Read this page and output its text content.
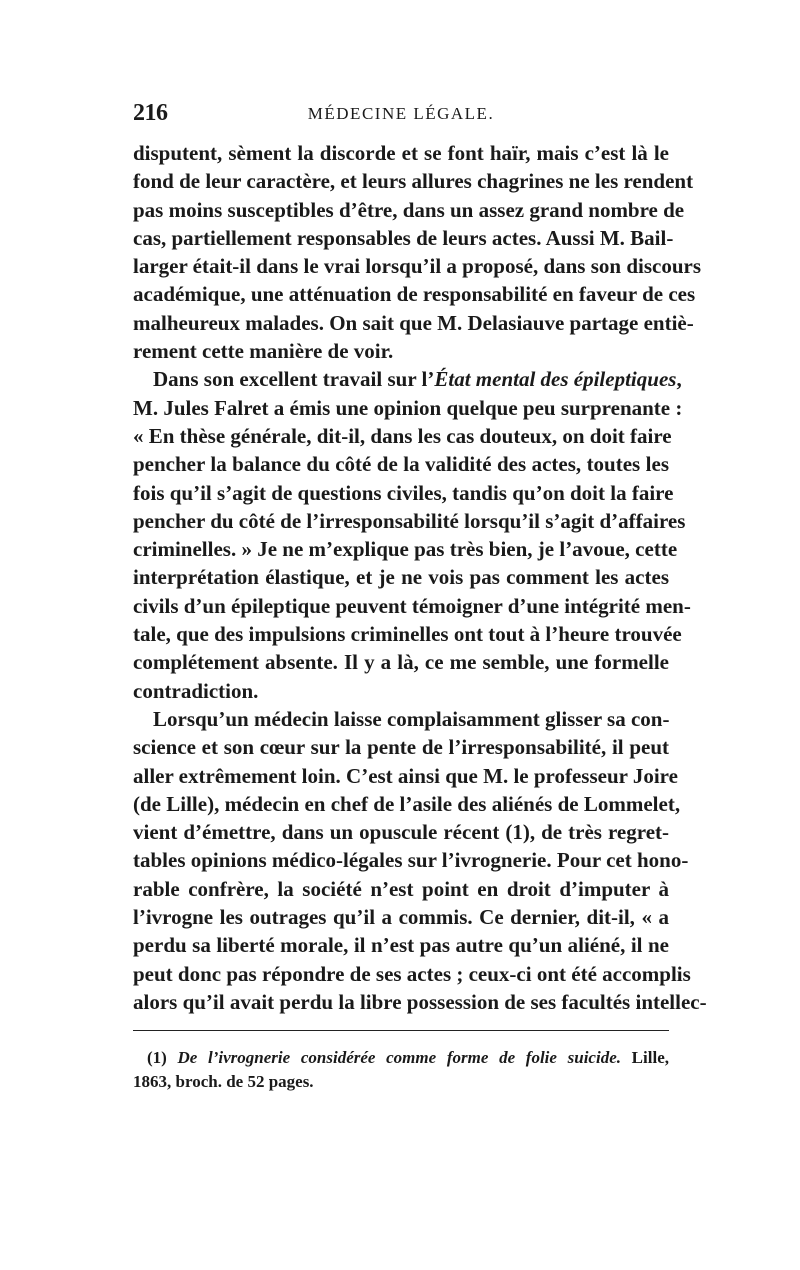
216	MÉDECINE LÉGALE.
disputent, sèment la discorde et se font haïr, mais c’est là le
fond de leur caractère, et leurs allures chagrines ne les rendent
pas moins susceptibles d’être, dans un assez grand nombre de
cas, partiellement responsables de leurs actes. Aussi M. Bail-
larger était-il dans le vrai lorsqu’il a proposé, dans son discours
académique, une atténuation de responsabilité en faveur de ces
malheureux malades. On sait que M. Delasiauve partage entiè-
rement cette manière de voir.
Dans son excellent travail sur l’État mental des épileptiques,
M. Jules Falret a émis une opinion quelque peu surprenante :
« En thèse générale, dit-il, dans les cas douteux, on doit faire
pencher la balance du côté de la validité des actes, toutes les
fois qu’il s’agit de questions civiles, tandis qu’on doit la faire
pencher du côté de l’irresponsabilité lorsqu’il s’agit d’affaires
criminelles. » Je ne m’explique pas très bien, je l’avoue, cette
interprétation élastique, et je ne vois pas comment les actes
civils d’un épileptique peuvent témoigner d’une intégrité men-
tale, que des impulsions criminelles ont tout à l’heure trouvée
complétement absente. Il y a là, ce me semble, une formelle
contradiction.
Lorsqu’un médecin laisse complaisamment glisser sa con-
science et son cœur sur la pente de l’irresponsabilité, il peut
aller extrêmement loin. C’est ainsi que M. le professeur Joire
(de Lille), médecin en chef de l’asile des aliénés de Lommelet,
vient d’émettre, dans un opuscule récent (1), de très regret-
tables opinions médico-légales sur l’ivrognerie. Pour cet hono-
rable confrère, la société n’est point en droit d’imputer à
l’ivrogne les outrages qu’il a commis. Ce dernier, dit-il, « a
perdu sa liberté morale, il n’est pas autre qu’un aliéné, il ne
peut donc pas répondre de ses actes ; ceux-ci ont été accomplis
alors qu’il avait perdu la libre possession de ses facultés intellec-
(1) De l’ivrognerie considérée comme forme de folie suicide. Lille,
1863, broch. de 52 pages.
